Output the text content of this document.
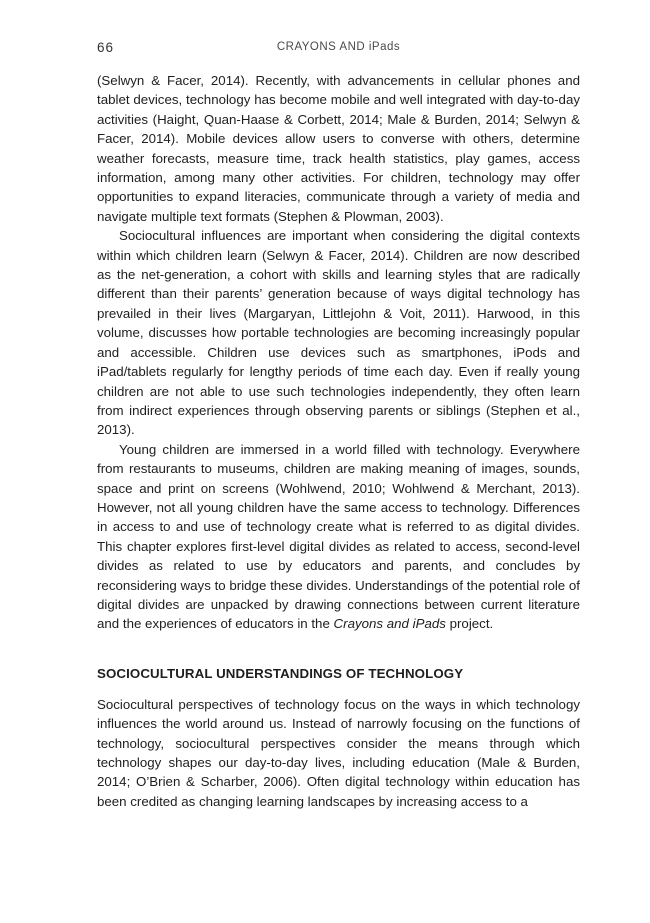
66	CRAYONS AND iPads

(Selwyn & Facer, 2014). Recently, with advancements in cellular phones and tablet devices, technology has become mobile and well integrated with day-to-day activities (Haight, Quan-Haase & Corbett, 2014; Male & Burden, 2014; Selwyn & Facer, 2014). Mobile devices allow users to converse with others, determine weather forecasts, measure time, track health statistics, play games, access information, among many other activities. For children, technology may offer opportunities to expand literacies, communicate through a variety of media and navigate multiple text formats (Stephen & Plowman, 2003).

Sociocultural influences are important when considering the digital contexts within which children learn (Selwyn & Facer, 2014). Children are now described as the net-generation, a cohort with skills and learning styles that are radically different than their parents’ generation because of ways digital technology has prevailed in their lives (Margaryan, Littlejohn & Voit, 2011). Harwood, in this volume, discusses how portable technologies are becoming increasingly popular and accessible. Children use devices such as smartphones, iPods and iPad/tablets regularly for lengthy periods of time each day. Even if really young children are not able to use such technologies independently, they often learn from indirect experiences through observing parents or siblings (Stephen et al., 2013).

Young children are immersed in a world filled with technology. Everywhere from restaurants to museums, children are making meaning of images, sounds, space and print on screens (Wohlwend, 2010; Wohlwend & Merchant, 2013). However, not all young children have the same access to technology. Differences in access to and use of technology create what is referred to as digital divides. This chapter explores first-level digital divides as related to access, second-level divides as related to use by educators and parents, and concludes by reconsidering ways to bridge these divides. Understandings of the potential role of digital divides are unpacked by drawing connections between current literature and the experiences of educators in the Crayons and iPads project.

SOCIOCULTURAL UNDERSTANDINGS OF TECHNOLOGY

Sociocultural perspectives of technology focus on the ways in which technology influences the world around us. Instead of narrowly focusing on the functions of technology, sociocultural perspectives consider the means through which technology shapes our day-to-day lives, including education (Male & Burden, 2014; O’Brien & Scharber, 2006). Often digital technology within education has been credited as changing learning landscapes by increasing access to a
